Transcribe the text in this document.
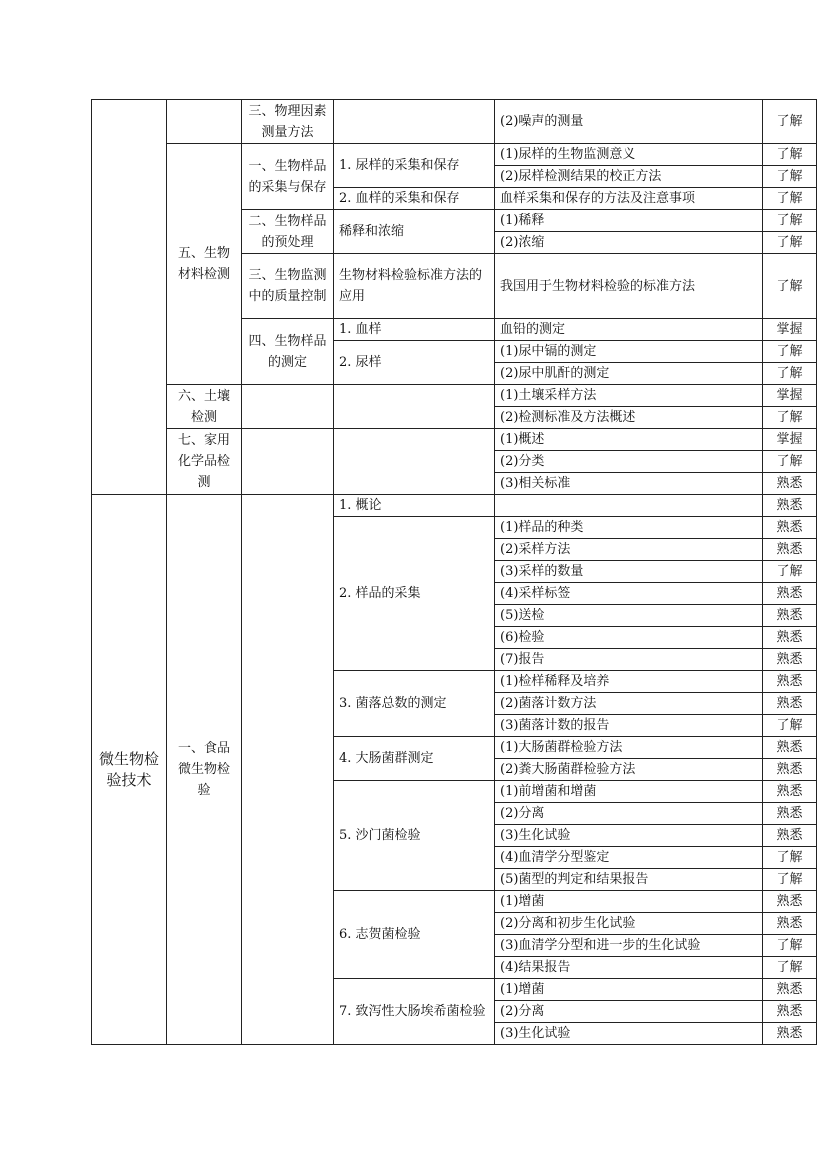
		三、物理因素测量方法		(2)噪声的测量	了解
	五、生物材料检测	一、生物样品的采集与保存	1. 尿样的采集和保存	(1)尿样的生物监测意义	了解
				(2)尿样检测结果的校正方法	了解
			2. 血样的采集和保存	血样采集和保存的方法及注意事项	了解
		二、生物样品的预处理	稀释和浓缩	(1)稀释	了解
				(2)浓缩	了解
		三、生物监测中的质量控制	生物材料检验标准方法的应用	我国用于生物材料检验的标准方法	了解
		四、生物样品的测定	1. 血样	血铅的测定	掌握
			2. 尿样	(1)尿中镉的测定	了解
				(2)尿中肌酐的测定	了解
	六、土壤检测			(1)土壤采样方法	掌握
				(2)检测标准及方法概述	了解
	七、家用化学品检测			(1)概述	掌握
				(2)分类	了解
				(3)相关标准	熟悉
微生物检验技术	一、食品微生物检验		1. 概论		熟悉
			2. 样品的采集	(1)样品的种类	熟悉
				(2)采样方法	熟悉
				(3)采样的数量	了解
				(4)采样标签	熟悉
				(5)送检	熟悉
				(6)检验	熟悉
				(7)报告	熟悉
			3. 菌落总数的测定	(1)检样稀释及培养	熟悉
				(2)菌落计数方法	熟悉
				(3)菌落计数的报告	了解
			4. 大肠菌群测定	(1)大肠菌群检验方法	熟悉
				(2)粪大肠菌群检验方法	熟悉
			5. 沙门菌检验	(1)前增菌和增菌	熟悉
				(2)分离	熟悉
				(3)生化试验	熟悉
				(4)血清学分型鉴定	了解
				(5)菌型的判定和结果报告	了解
			6. 志贺菌检验	(1)增菌	熟悉
				(2)分离和初步生化试验	熟悉
				(3)血清学分型和进一步的生化试验	了解
				(4)结果报告	了解
			7. 致泻性大肠埃希菌检验	(1)增菌	熟悉
				(2)分离	熟悉
				(3)生化试验	熟悉
